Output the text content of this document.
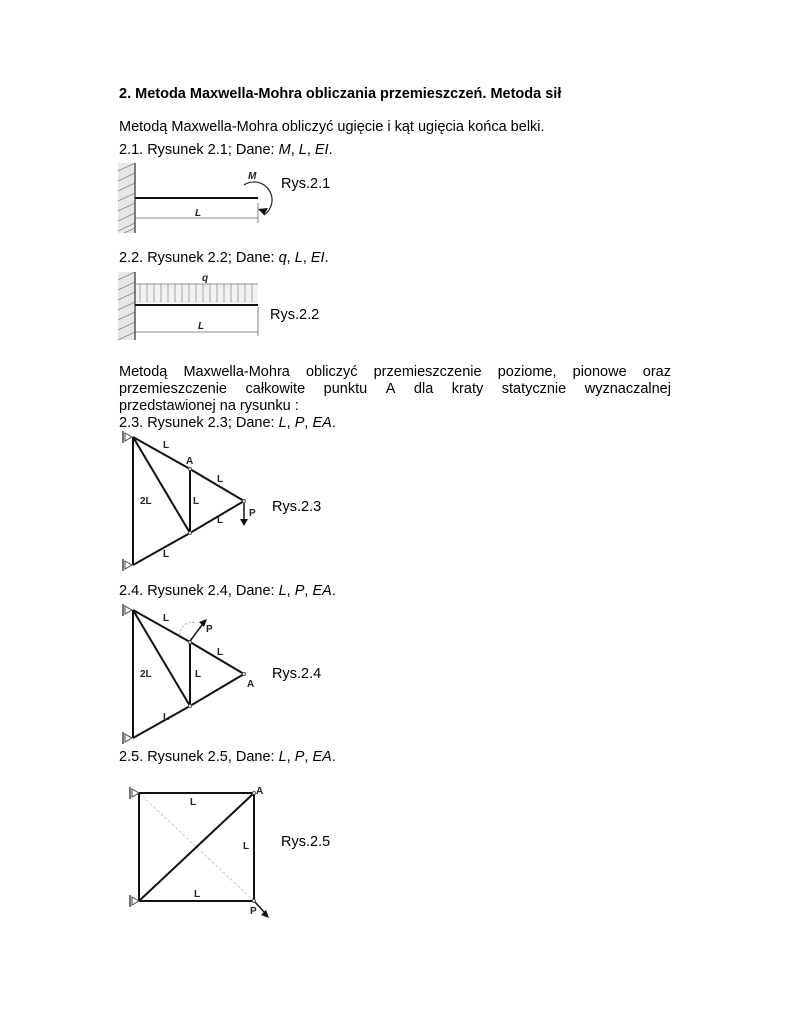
2. Metoda Maxwella-Mohra obliczania przemieszczeń. Metoda sił
Metodą Maxwella-Mohra obliczyć ugięcie i kąt ugięcia końca belki.
2.1. Rysunek 2.1; Dane: M, L, EI.
L
M Rys.2.1
2.2. Rysunek 2.2; Dane: q, L, EI.
q
L
Rys.2.2
Metodą Maxwella-Mohra obliczyć przemieszczenie poziome, pionowe oraz
przemieszczenie całkowite punktu A dla kraty statycznie wyznaczalnej
przedstawionej na rysunku :
2.3. Rysunek 2.3; Dane: L, P, EA.
L
A
L
L
2L
L
P
L
Rys.2.3
2.4. Rysunek 2.4, Dane: L, P, EA.
L
P
L
L
2L
A
L
Rys.2.4
2.5. Rysunek 2.5, Dane: L, P, EA.
L
A
L
L
P
Rys.2.5
